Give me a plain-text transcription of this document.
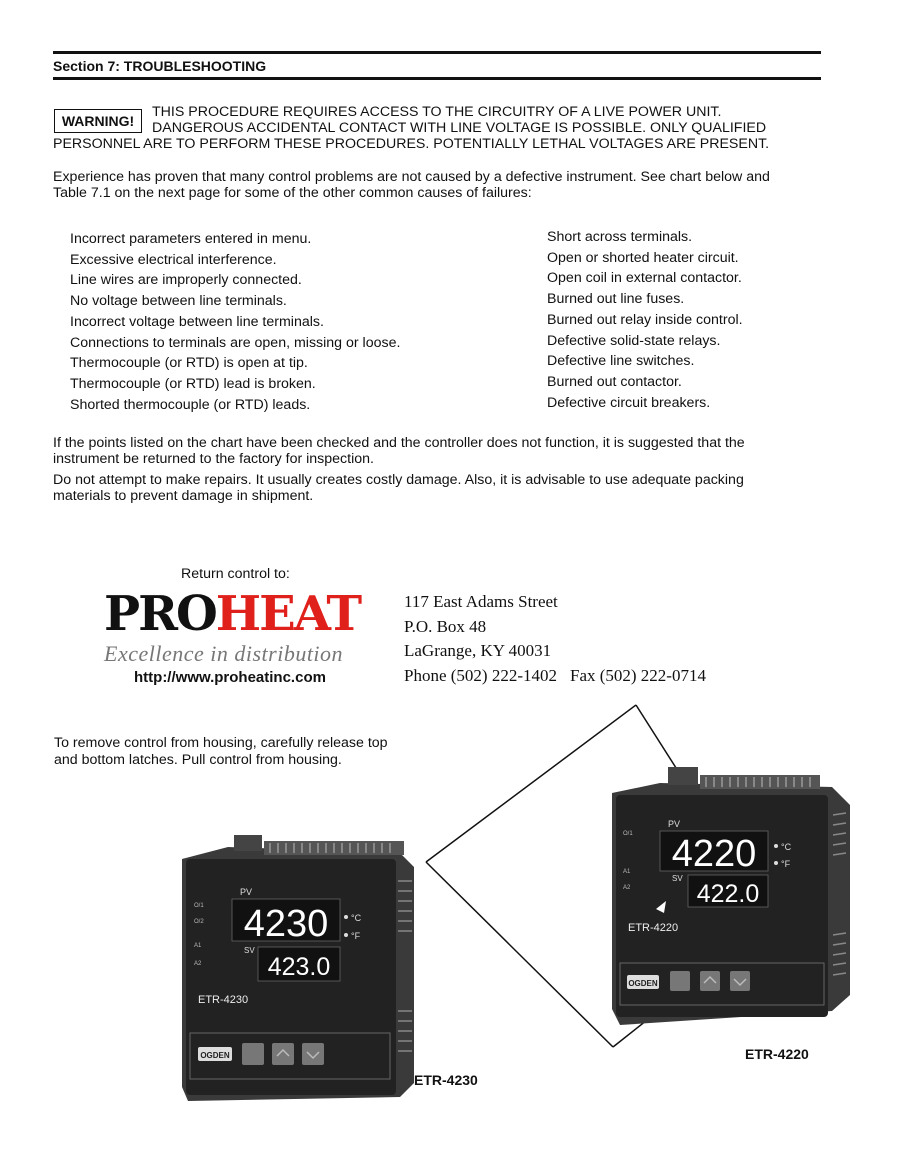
Section 7: TROUBLESHOOTING
WARNING!
THIS PROCEDURE REQUIRES ACCESS TO THE CIRCUITRY OF A LIVE POWER UNIT.
DANGEROUS ACCIDENTAL CONTACT WITH LINE VOLTAGE IS POSSIBLE. ONLY QUALIFIED
PERSONNEL ARE TO PERFORM THESE PROCEDURES. POTENTIALLY LETHAL VOLTAGES ARE PRESENT.
Experience has proven that many control problems are not caused by a defective instrument. See chart below and
Table 7.1 on the next page for some of the other common causes of failures:
Incorrect parameters entered in menu.
Excessive electrical interference.
Line wires are improperly connected.
No voltage between line terminals.
Incorrect voltage between line terminals.
Connections to terminals are open, missing or loose.
Thermocouple (or RTD) is open at tip.
Thermocouple (or RTD) lead is broken.
Shorted thermocouple (or RTD) leads.
Short across terminals.
Open or shorted heater circuit.
Open coil in external contactor.
Burned out line fuses.
Burned out relay inside control.
Defective solid-state relays.
Defective line switches.
Burned out contactor.
Defective circuit breakers.
If the points listed on the chart have been checked and the controller does not function, it is suggested that the
instrument be returned to the factory for inspection.
Do not attempt to make repairs. It usually creates costly damage. Also, it is advisable to use adequate packing
materials to prevent damage in shipment.
Return control to:
PROHEAT
Excellence in distribution
http://www.proheatinc.com
117 East Adams Street
P.O. Box 48
LaGrange, KY 40031
Phone (502) 222-1402 Fax (502) 222-0714
To remove control from housing, carefully release top
and bottom latches. Pull control from housing.
PV
4220
SV
422.0
O/1
A1
A2
°C
°F
ETR-4220
OGDEN
PV
4230
SV
423.0
O/1
O/2
A1
A2
°C
°F
ETR-4230
OGDEN	ETR-4220
ETR-4230
